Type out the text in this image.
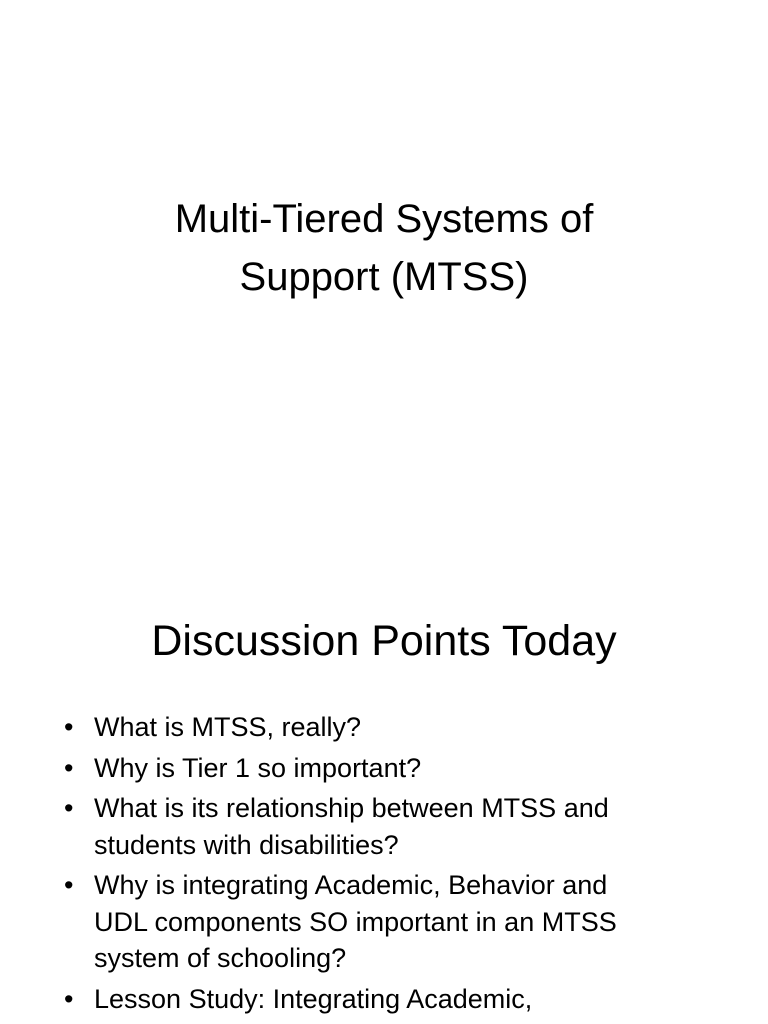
Multi-Tiered Systems of
Support (MTSS)
Discussion Points Today
• What is MTSS, really?
• Why is Tier 1 so important?
• What is its relationship between MTSS and
students with disabilities?
• Why is integrating Academic, Behavior and
UDL components SO important in an MTSS
system of schooling?
• Lesson Study: Integrating Academic,
